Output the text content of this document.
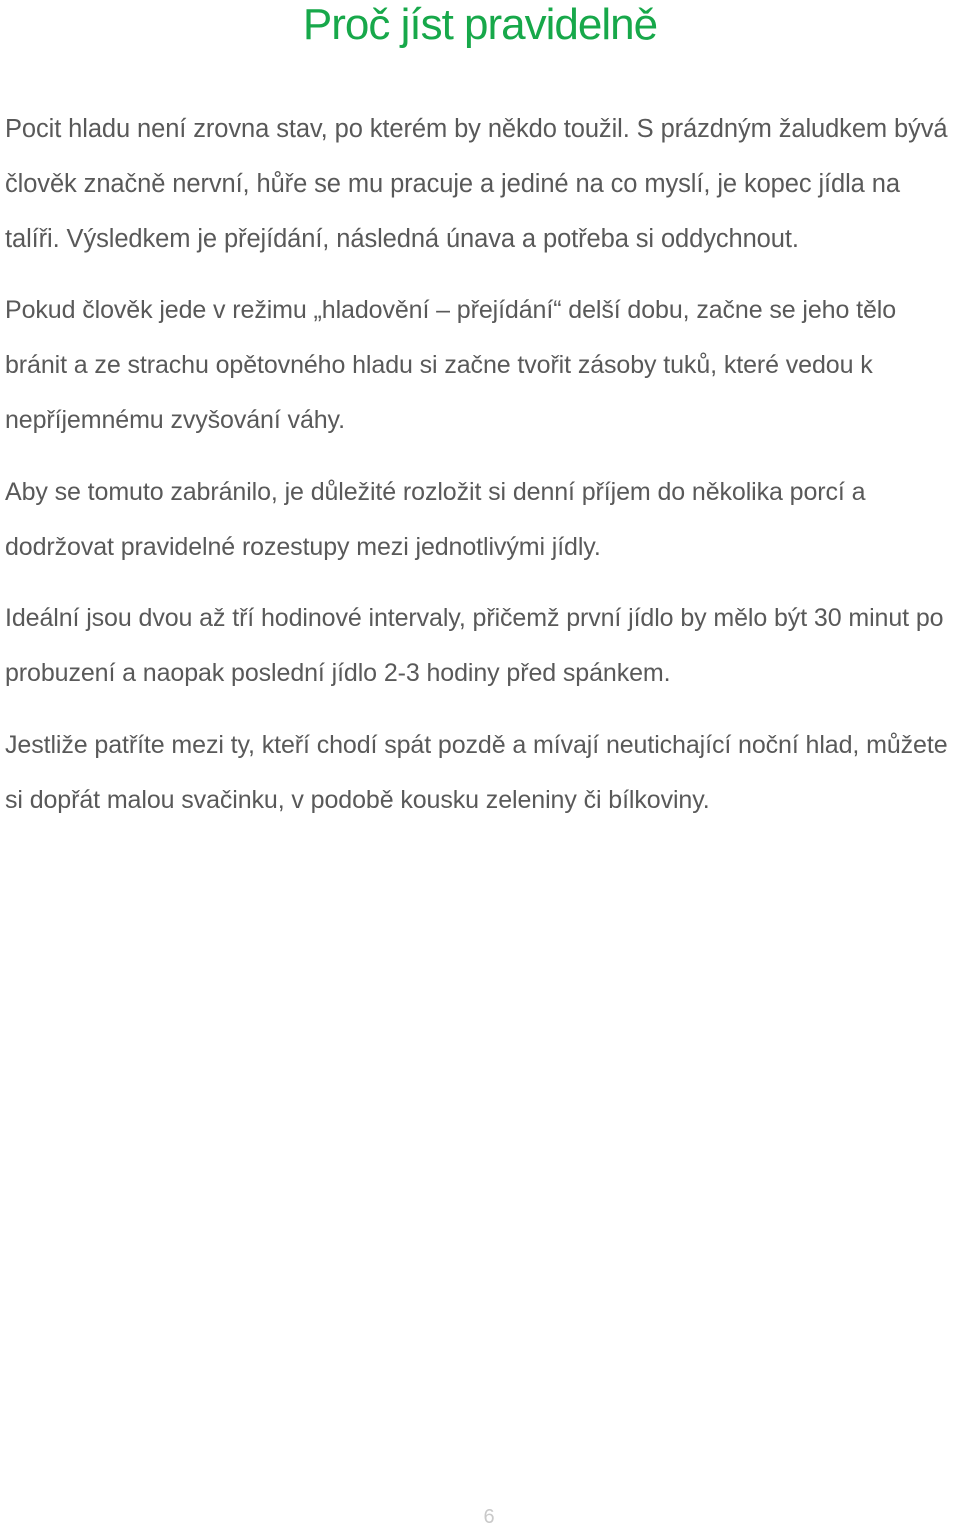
Proč jíst pravidelně

Pocit hladu není zrovna stav, po kterém by někdo toužil. S prázdným žaludkem bývá člověk značně nervní, hůře se mu pracuje a jediné na co myslí, je kopec jídla na talíři. Výsledkem je přejídání, následná únava a potřeba si oddychnout.

Pokud člověk jede v režimu „hladovění – přejídání“ delší dobu, začne se jeho tělo bránit a ze strachu opětovného hladu si začne tvořit zásoby tuků, které vedou k nepříjemnému zvyšování váhy.

Aby se tomuto zabránilo, je důležité rozložit si denní příjem do několika porcí a dodržovat pravidelné rozestupy mezi jednotlivými jídly.

Ideální jsou dvou až tří hodinové intervaly, přičemž první jídlo by mělo být 30 minut po probuzení a naopak poslední jídlo 2-3 hodiny před spánkem.

Jestliže patříte mezi ty, kteří chodí spát pozdě a mívají neutichající noční hlad, můžete si dopřát malou svačinku, v podobě kousku zeleniny či bílkoviny.

6
